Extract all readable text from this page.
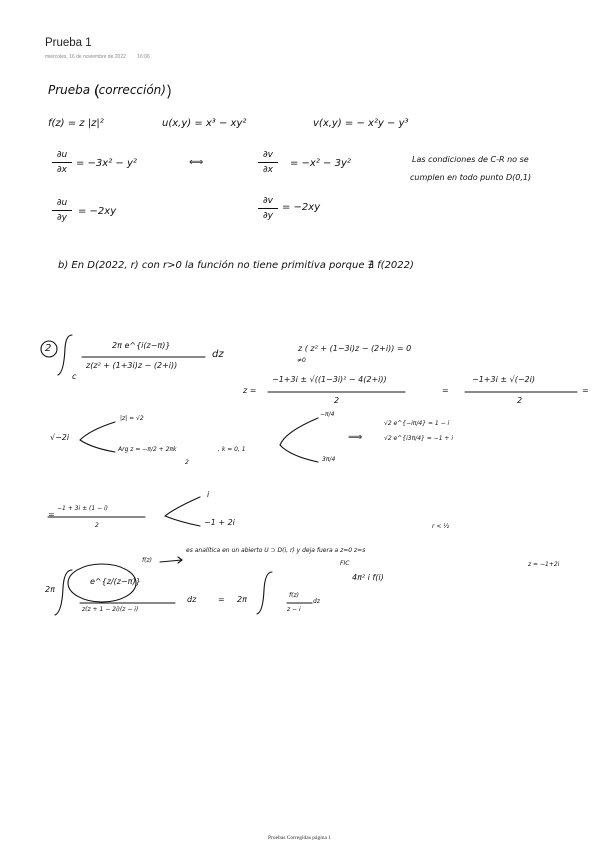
Prueba 1
miércoles, 16 de noviembre de 2022 16:06
Prueba (corrección)
f(z) = z |z|²	u(x,y) = x³ − xy²	v(x,y) = − x²y − y³
∂u
∂x
= −3x² − y²	⟺
∂v
∂x
= −x² − 3y²	Las condiciones de C-R no se
cumplen en todo punto D(0,1)
∂u
∂y
= −2xy
∂v
∂y
= −2xy
b) En D(2022, r) con r>0 la función no tiene primitiva porque ∄ f(2022)
2	2π e^{i(z−π)}
z(z² + (1+3i)z − (2+i))
dz
c
z ( z² + (1−3i)z − (2+i)) = 0
≠0
z =
−1+3i ± √((1−3i)² − 4(2+i))
2
=
−1+3i ± √(−2i)
2
=
√−2i
|z| = √2
Arg z = −π/2 + 2πk
2
, k = 0, 1
−π/4
3π/4
⟹
√2 e^{−iπ/4} = 1 − i
√2 e^{i3π/4} = −1 + i
=
−1 + 3i ± (1 − i)
2
i
−1 + 2i
f(z)
es analítica en un abierto U ⊃ D(i, r) y deja fuera a z=0 z=s
r < ½
z = −1+2i
2π
e^{z/(z−π)}
z(z + 1 − 2i)(z − i)
dz	= 2π	f(z)
z − i
dz
FIC
4π² i f(i)
Pruebas Corregidas página 1
